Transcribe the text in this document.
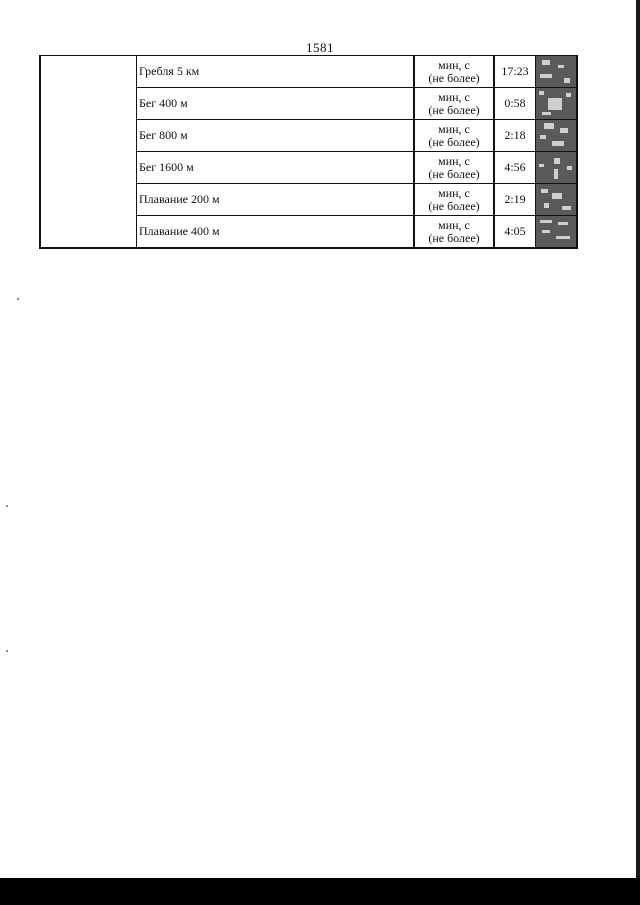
1581
	Гребля 5 км	мин, с
(не более)	17:23	

	Бег 400 м	мин, с
(не более)	0:58	

	Бег 800 м	мин, с
(не более)	2:18	

	Бег 1600 м	мин, с
(не более)	4:56	

	Плавание 200 м	мин, с
(не более)	2:19	

	Плавание 400 м	мин, с
(не более)	4:05	
